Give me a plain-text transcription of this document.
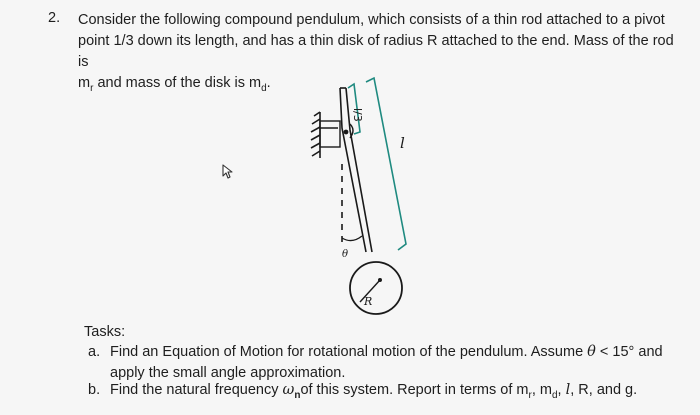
2. Consider the following compound pendulum, which consists of a thin rod attached to a pivot
point 1/3 down its length, and has a thin disk of radius R attached to the end. Mass of the rod is
$m_r$ and mass of the disk is $m_d$.
l/3
l
θ
R
Tasks:
a. Find an Equation of Motion for rotational motion of the pendulum. Assume θ < 15° and
apply the small angle approximation.
b. Find the natural frequency $\omega_nof$ this system. Report in terms of $m_r$, $m_d$, l, R, and g.
